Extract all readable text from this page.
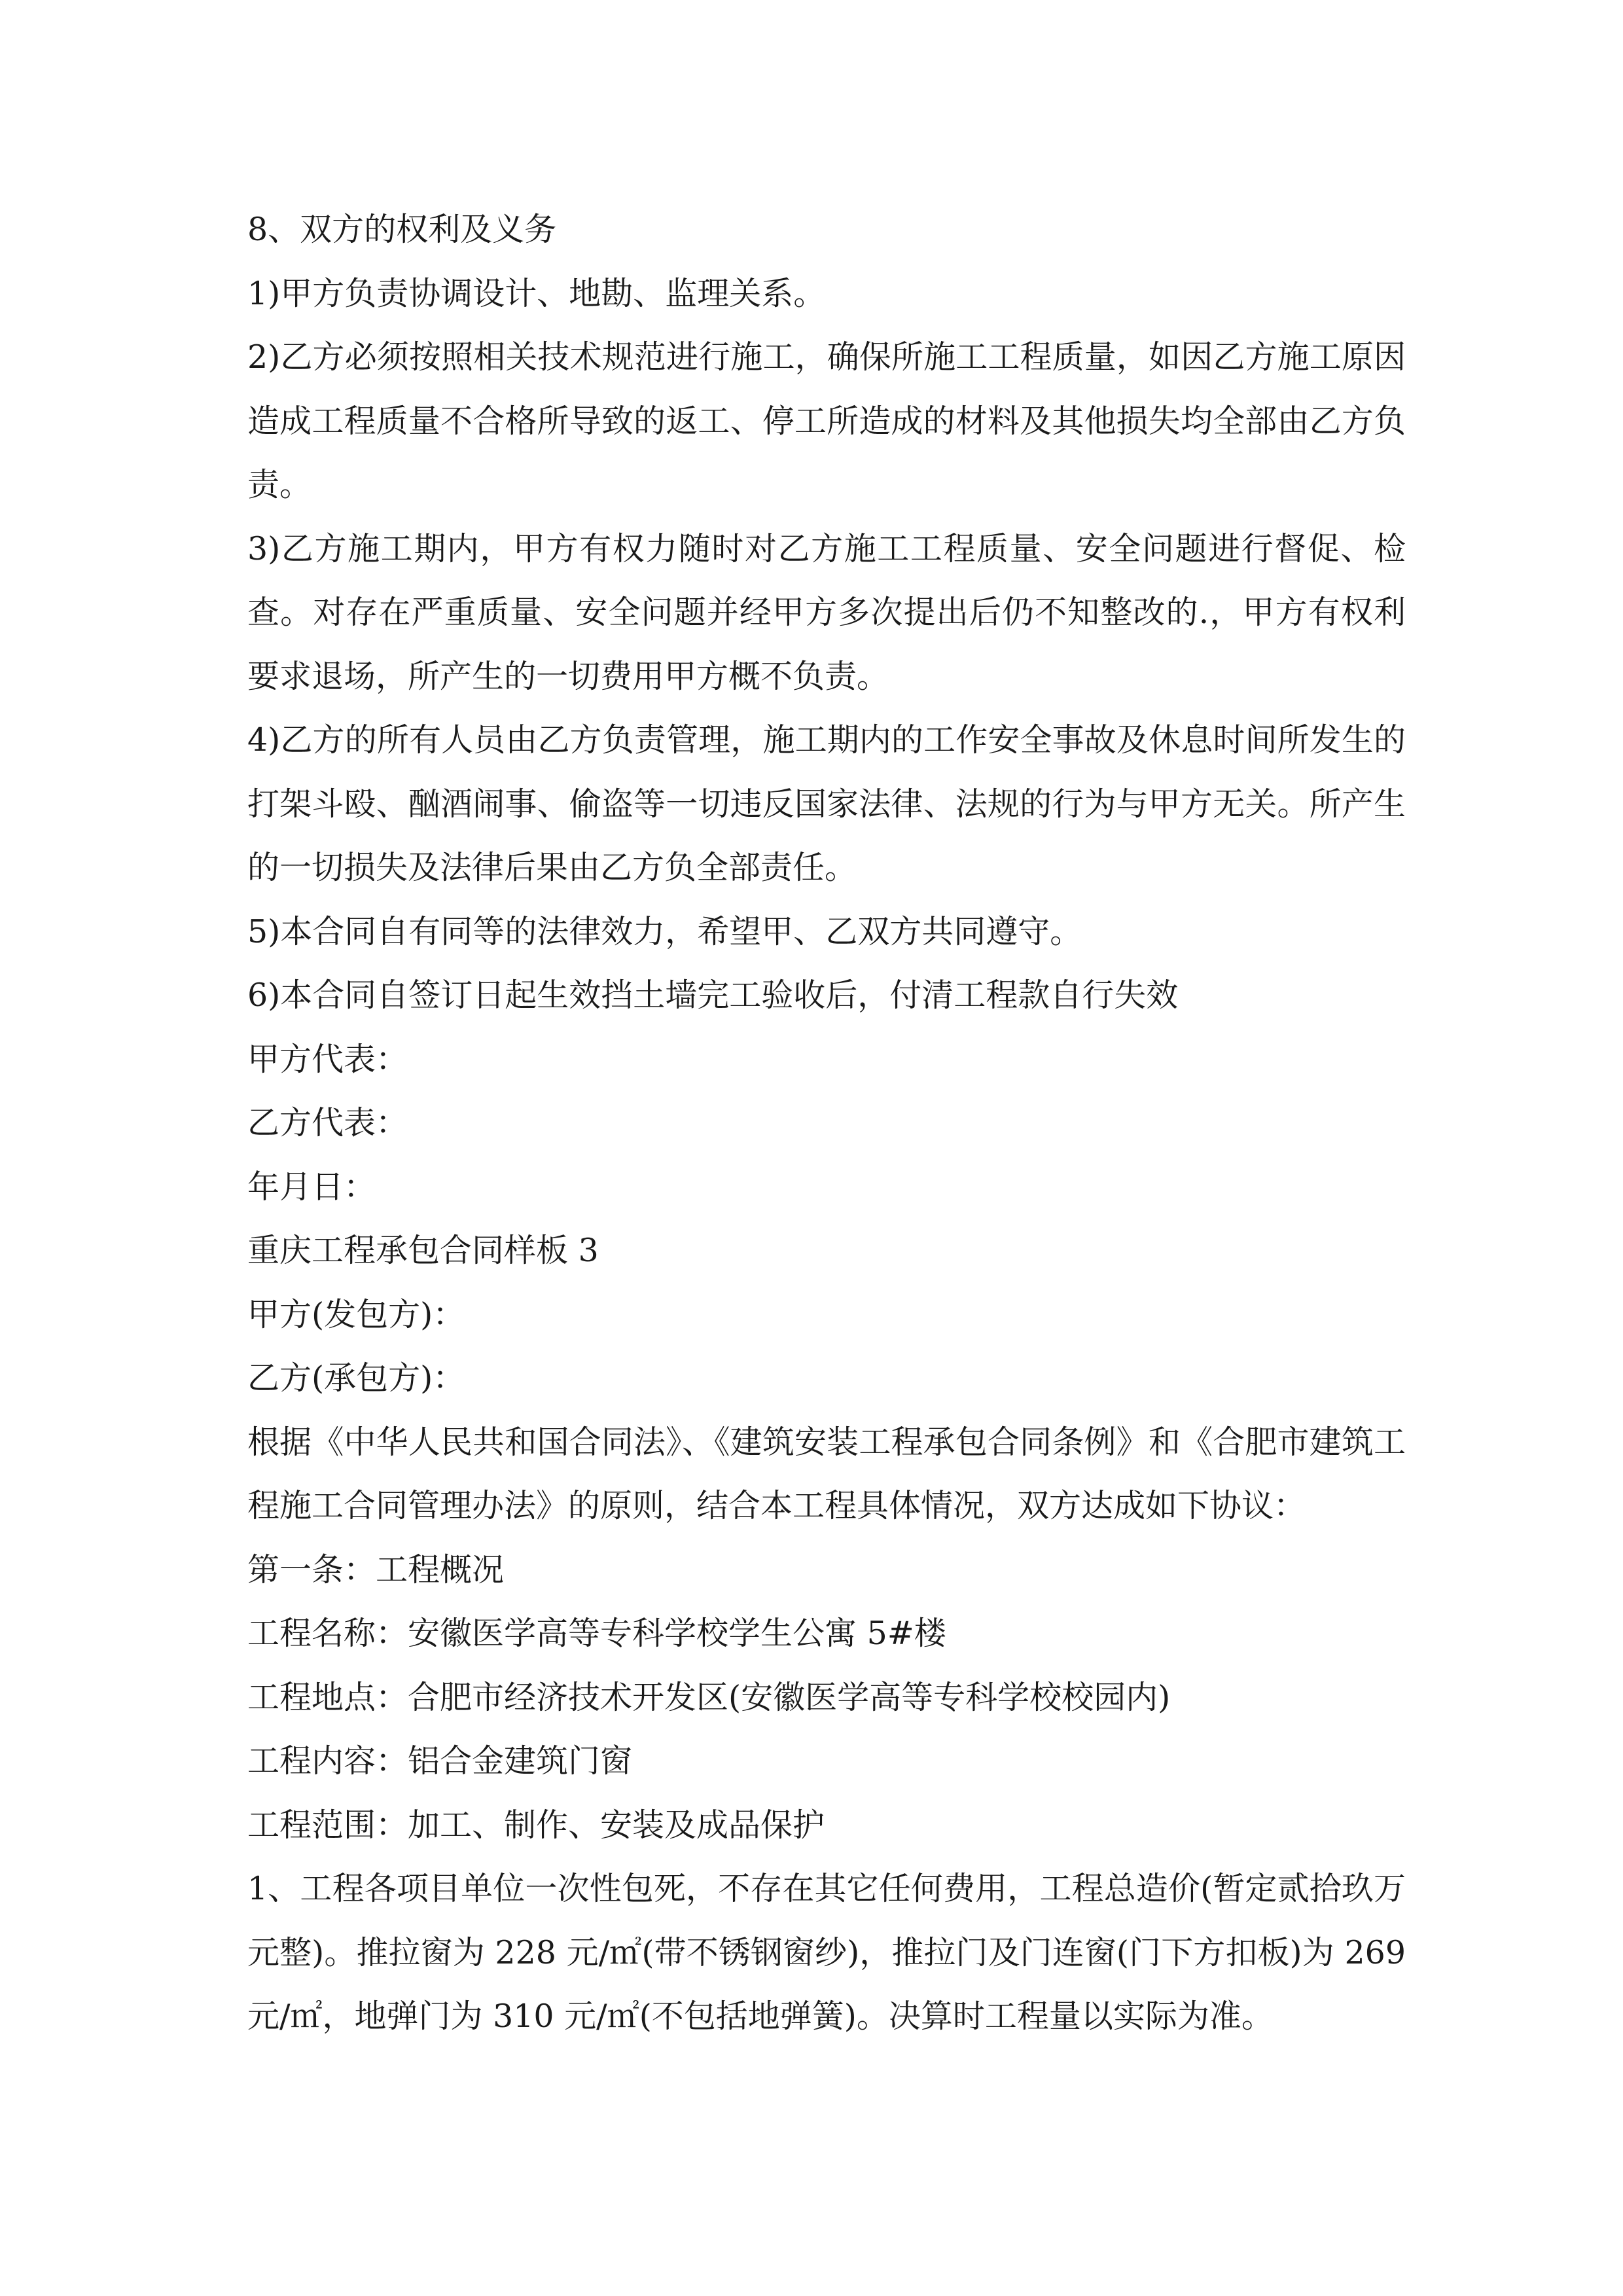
8、双方的权利及义务

1)甲方负责协调设计、地勘、监理关系。

2)乙方必须按照相关技术规范进行施工，确保所施工工程质量，如因乙方施工原因造成工程质量不合格所导致的返工、停工所造成的材料及其他损失均全部由乙方负责。

3)乙方施工期内，甲方有权力随时对乙方施工工程质量、安全问题进行督促、检查。对存在严重质量、安全问题并经甲方多次提出后仍不知整改的.，甲方有权利要求退场，所产生的一切费用甲方概不负责。

4)乙方的所有人员由乙方负责管理，施工期内的工作安全事故及休息时间所发生的打架斗殴、酗酒闹事、偷盗等一切违反国家法律、法规的行为与甲方无关。所产生的一切损失及法律后果由乙方负全部责任。

5)本合同自有同等的法律效力，希望甲、乙双方共同遵守。

6)本合同自签订日起生效挡土墙完工验收后，付清工程款自行失效

甲方代表：

乙方代表：

年月日：

重庆工程承包合同样板 3

甲方(发包方)：

乙方(承包方)：

根据《中华人民共和国合同法》、《建筑安装工程承包合同条例》和《合肥市建筑工程施工合同管理办法》的原则，结合本工程具体情况，双方达成如下协议：

第一条：工程概况

工程名称：安徽医学高等专科学校学生公寓 5#楼

工程地点：合肥市经济技术开发区(安徽医学高等专科学校校园内)

工程内容：铝合金建筑门窗

工程范围：加工、制作、安装及成品保护

1、工程各项目单位一次性包死，不存在其它任何费用，工程总造价(暂定贰拾玖万元整)。推拉窗为 228 元/㎡(带不锈钢窗纱)，推拉门及门连窗(门下方扣板)为 269 元/㎡，地弹门为 310 元/㎡(不包括地弹簧)。决算时工程量以实际为准。
